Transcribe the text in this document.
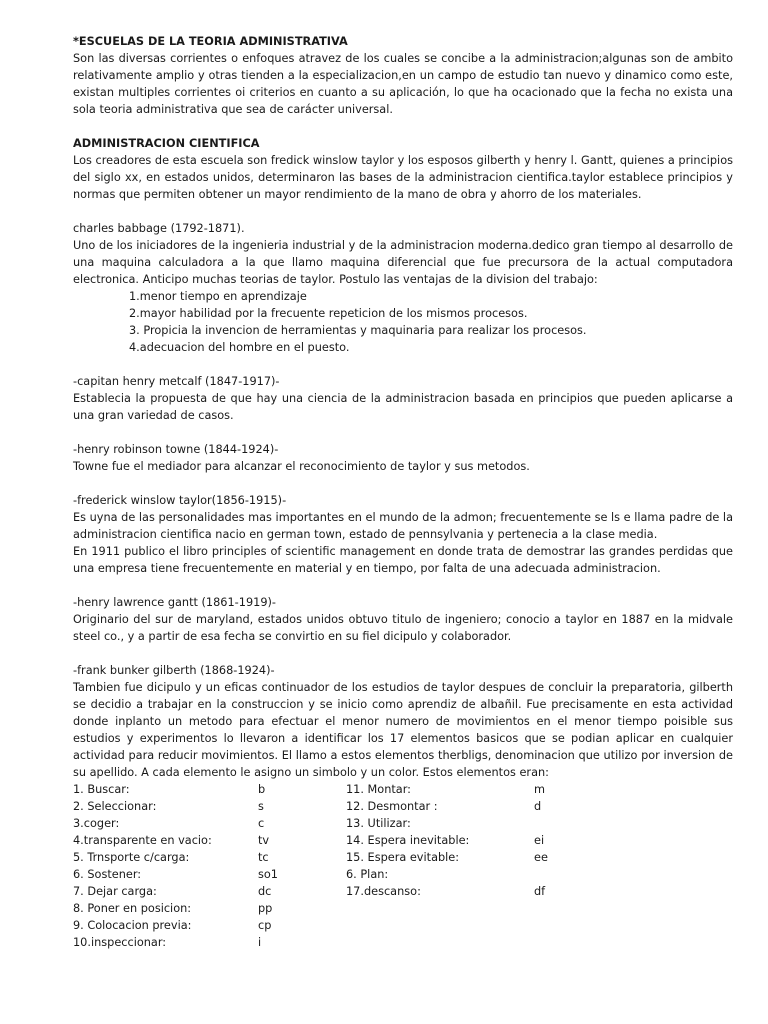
*ESCUELAS DE LA TEORIA ADMINISTRATIVA

Son las diversas corrientes o enfoques atravez de los cuales se concibe a la administracion;algunas son de ambito relativamente amplio y otras tienden a la especializacion,en un campo de estudio tan nuevo y dinamico como este, existan multiples corrientes oi criterios en cuanto a su aplicación, lo que ha ocacionado que la fecha no exista una sola teoria administrativa que sea de carácter universal.

ADMINISTRACION CIENTIFICA

Los creadores de esta escuela son fredick winslow taylor y los esposos gilberth y henry l. Gantt, quienes a principios del siglo xx, en estados unidos, determinaron las bases de la administracion cientifica.taylor establece principios y normas que permiten obtener un mayor rendimiento de la mano de obra y ahorro de los materiales.

charles babbage (1792-1871).

Uno de los iniciadores de la ingenieria industrial y de la administracion moderna.dedico gran tiempo al desarrollo de una maquina calculadora a la que llamo maquina diferencial que fue precursora de la actual computadora electronica. Anticipo muchas teorias de taylor. Postulo las ventajas de la division del trabajo:

1.menor tiempo en aprendizaje

2.mayor habilidad por la frecuente repeticion de los mismos procesos.

3. Propicia la invencion de herramientas y maquinaria para realizar los procesos.

4.adecuacion del hombre en el puesto.

-capitan henry metcalf (1847-1917)-

Establecia la propuesta de que hay una ciencia de la administracion basada en principios que pueden aplicarse a una gran variedad de casos.

-henry robinson towne (1844-1924)-

Towne fue el mediador para alcanzar el reconocimiento de taylor y sus metodos.

-frederick winslow taylor(1856-1915)-

Es uyna de las personalidades mas importantes en el mundo de la admon; frecuentemente se ls e llama padre de la administracion cientifica nacio en german town, estado de pennsylvania y pertenecia a la clase media.

En 1911 publico el libro principles of scientific management en donde trata de demostrar las grandes perdidas que una empresa tiene frecuentemente en material y en tiempo, por falta de una adecuada administracion.

-henry lawrence gantt (1861-1919)-

Originario del sur de maryland, estados unidos obtuvo titulo de ingeniero; conocio a taylor en 1887 en la midvale steel co., y a partir de esa fecha se convirtio en su fiel dicipulo y colaborador.

-frank bunker gilberth (1868-1924)-

Tambien fue dicipulo y un eficas continuador de los estudios de taylor despues de concluir la preparatoria, gilberth se decidio a trabajar en la construccion y se inicio como aprendiz de albañil. Fue precisamente en esta actividad donde inplanto un metodo para efectuar el menor numero de movimientos en el menor tiempo poisible sus estudios y experimentos lo llevaron a identificar los 17 elementos basicos que se podian aplicar en cualquier actividad para reducir movimientos. El llamo a estos elementos therbligs, denominacion que utilizo por inversion de su apellido. A cada elemento le asigno un simbolo y un color. Estos elementos eran:

1. Buscar:	b	11. Montar:	m
2. Seleccionar:	s	12. Desmontar :	d
3.coger:	c	13. Utilizar:	
4.transparente en vacio:	tv	14. Espera inevitable:	ei
5. Trnsporte c/carga:	tc	15. Espera evitable:	ee
6. Sostener:	so1	6. Plan:	
7. Dejar carga:	dc	17.descanso:	df
8. Poner en posicion:	pp		
9. Colocacion previa:	cp		
10.inspeccionar:	i		
